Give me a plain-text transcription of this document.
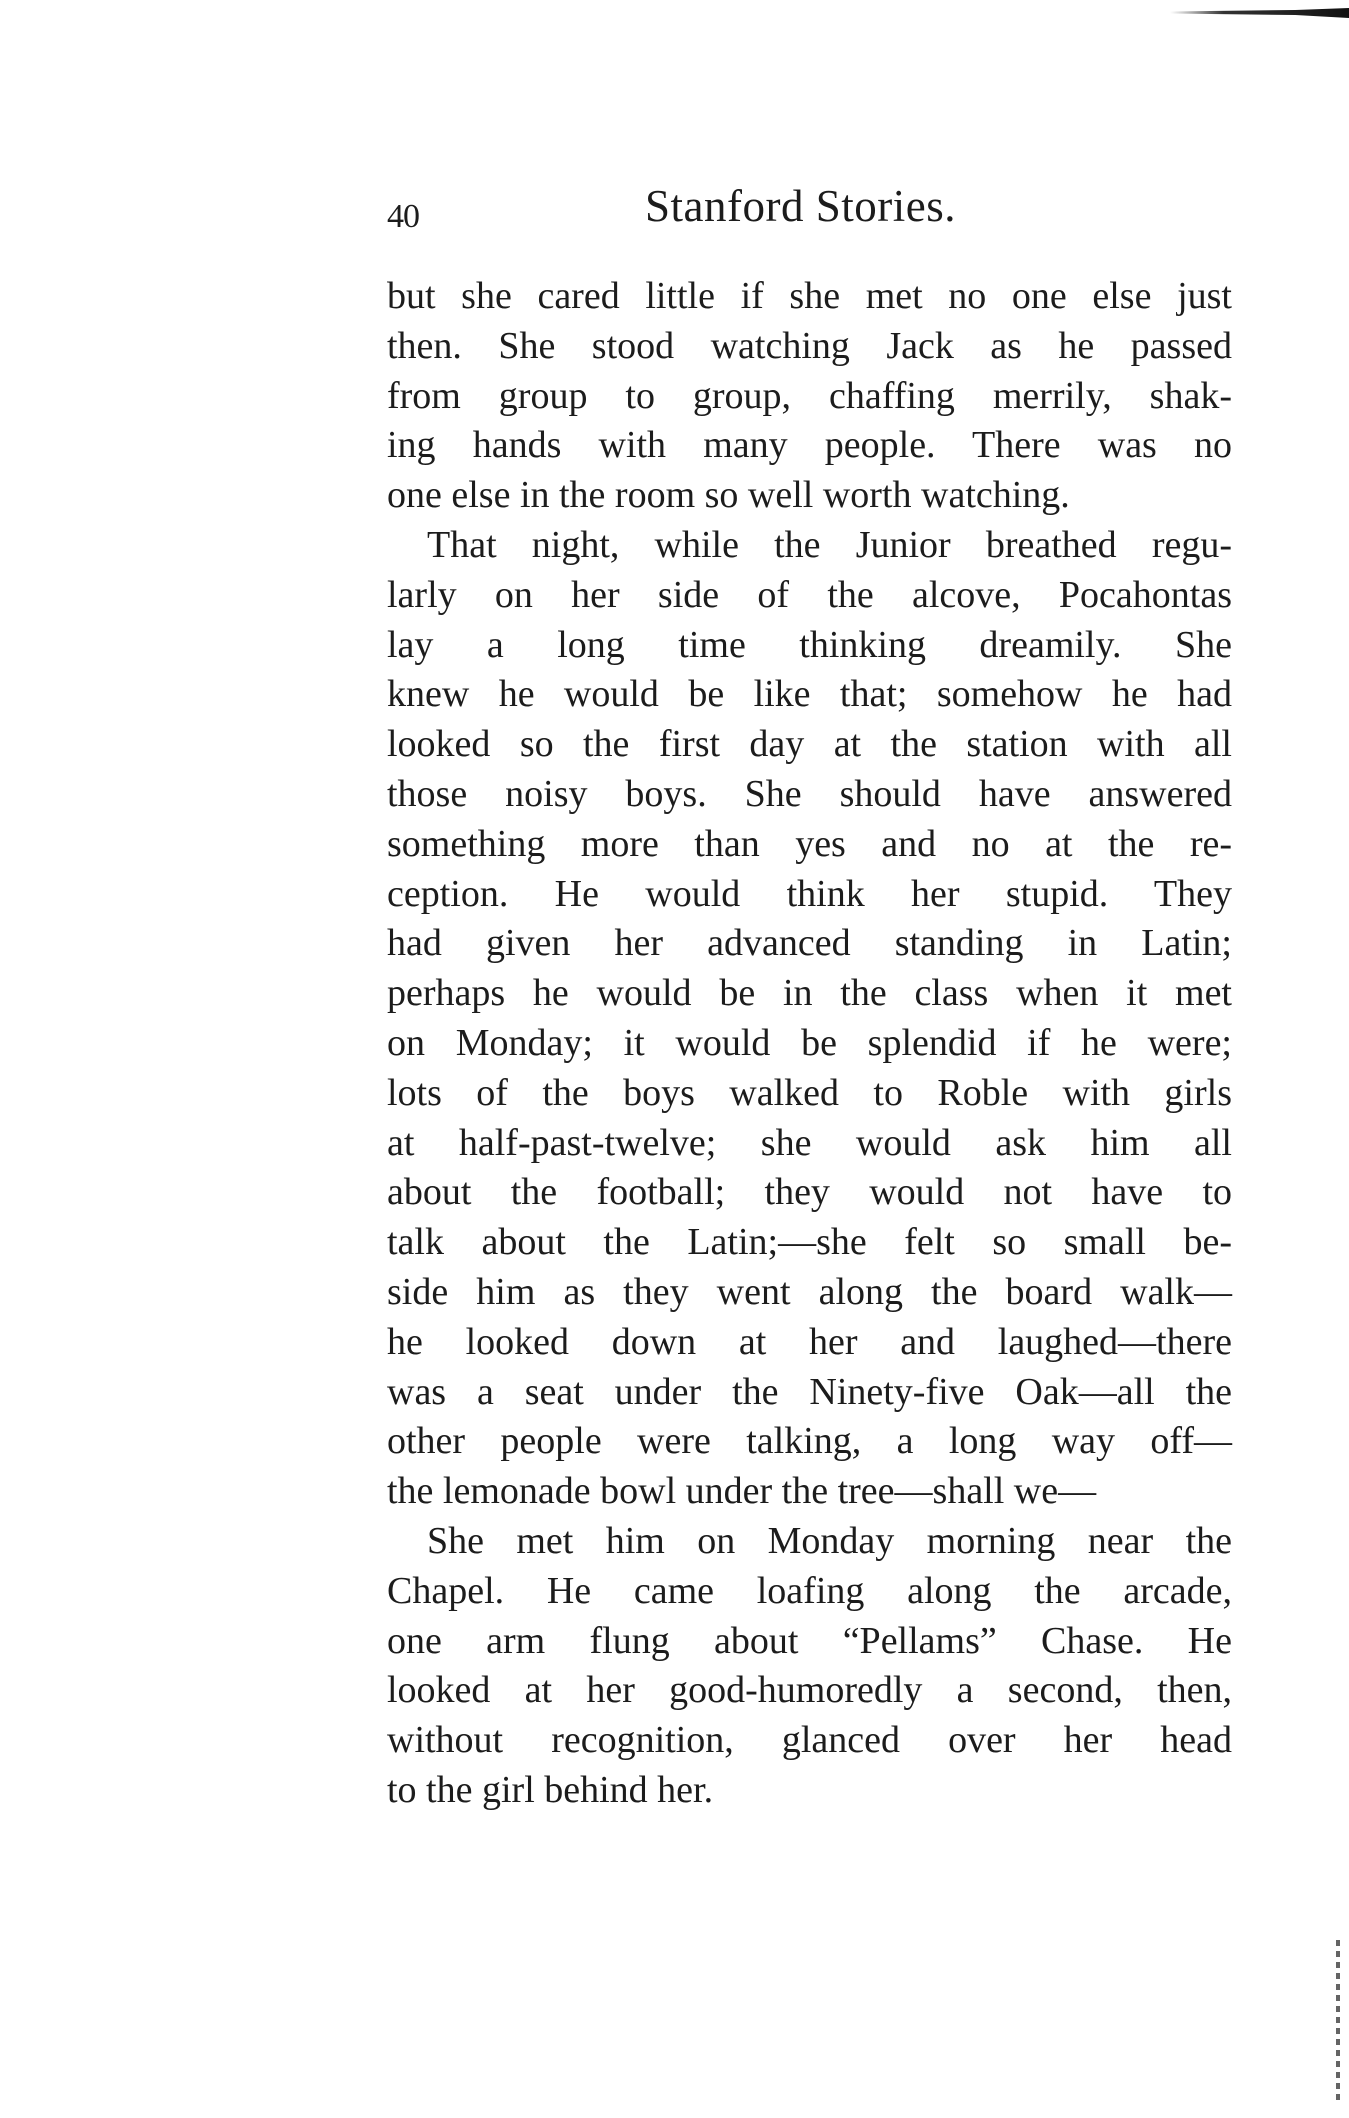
40	Stanford Stories.
but she cared little if she met no one else just
then. She stood watching Jack as he passed
from group to group, chaffing merrily, shak-
ing hands with many people. There was no
one else in the room so well worth watching.
That night, while the Junior breathed regu-
larly on her side of the alcove, Pocahontas
lay a long time thinking dreamily. She
knew he would be like that; somehow he had
looked so the first day at the station with all
those noisy boys. She should have answered
something more than yes and no at the re-
ception. He would think her stupid. They
had given her advanced standing in Latin;
perhaps he would be in the class when it met
on Monday; it would be splendid if he were;
lots of the boys walked to Roble with girls
at half-past-twelve; she would ask him all
about the football; they would not have to
talk about the Latin;—she felt so small be-
side him as they went along the board walk—
he looked down at her and laughed—there
was a seat under the Ninety-five Oak—all the
other people were talking, a long way off—
the lemonade bowl under the tree—shall we—
She met him on Monday morning near the
Chapel. He came loafing along the arcade,
one arm flung about “Pellams” Chase. He
looked at her good-humoredly a second, then,
without recognition, glanced over her head
to the girl behind her.
